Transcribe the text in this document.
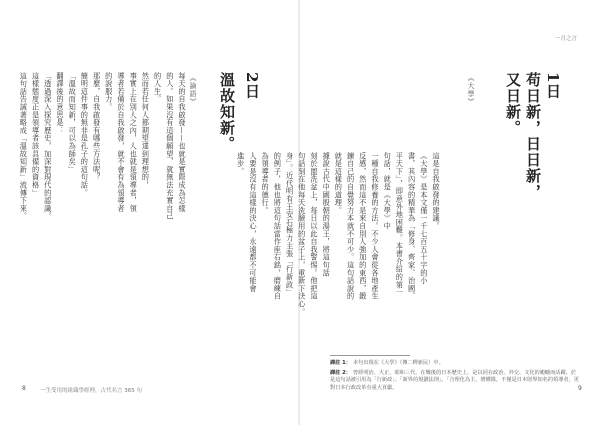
2日
溫故知新。
《論語》
每天的自我啟發——也就是實際成為怎樣
的人。如果沒有這個願望，就無法充實自己
的人生。
然而若任何人都期望達到理想的，
事實上在別人之內，人也就是領導者，領
導者若備於自我啟發，就不會有為領導者
的說服力。
那麼，自我啟發有哪些方法呢？
簡明這件事的無非是孔子的這句話。
「溫故而知新，可以為師矣」
翻譯後的意思是：
「透過深入探究歷史，加深對現代的認識，
這樣態度正是領導者該具備的資格」
這句話告誡著略成「溫故知新」流傳下來。
一生受用的組織學經理，古代名言 365 句
8
一月之言
1日
苟日新，日日新，
又日新。
《大學》
這是自我啟發的建議。
《大學》是本文僅一千七百五十字的小
書，其內容的精華為「修身、齊家、治國、
平天下」，即意外地困難。本書介紹的第一
句話，就是《大學》中
一種自我修養的方法。不少人會從各地產生
反感，然而這不是來自別人強加的東西，鍛
鍊自己的自覺努力本就不可少。這句話說的
就是這樣的道理。
據說古代中國殷朝的湯王，將這句話
刻於盥洗盆上，每日以此自我警惕。他把這
句話刻在他每天洗臉用的盆子上，重新下決心。
身」。近代明有王安石極力主張「行新政」
的例子，他也將這句話當作座右銘，磨練自
為領導者的德行。
人要是沒有這樣的決心，永遠都不可能會
進步。
9
譯註 1： 本句出現在《大學》（傳二釋新民）中。
譯註 2： 曾經明治、大正、昭和三代，在戰後的日本歷史上，是以同在政治、外交、文化的範疇而活躍，於是這句話被引用為「行新政」、「新界的規劃法則」。「合理化為主，增權隊，不僅是日本財界知名的領導者，更對日本行政改革有重大貢獻。
